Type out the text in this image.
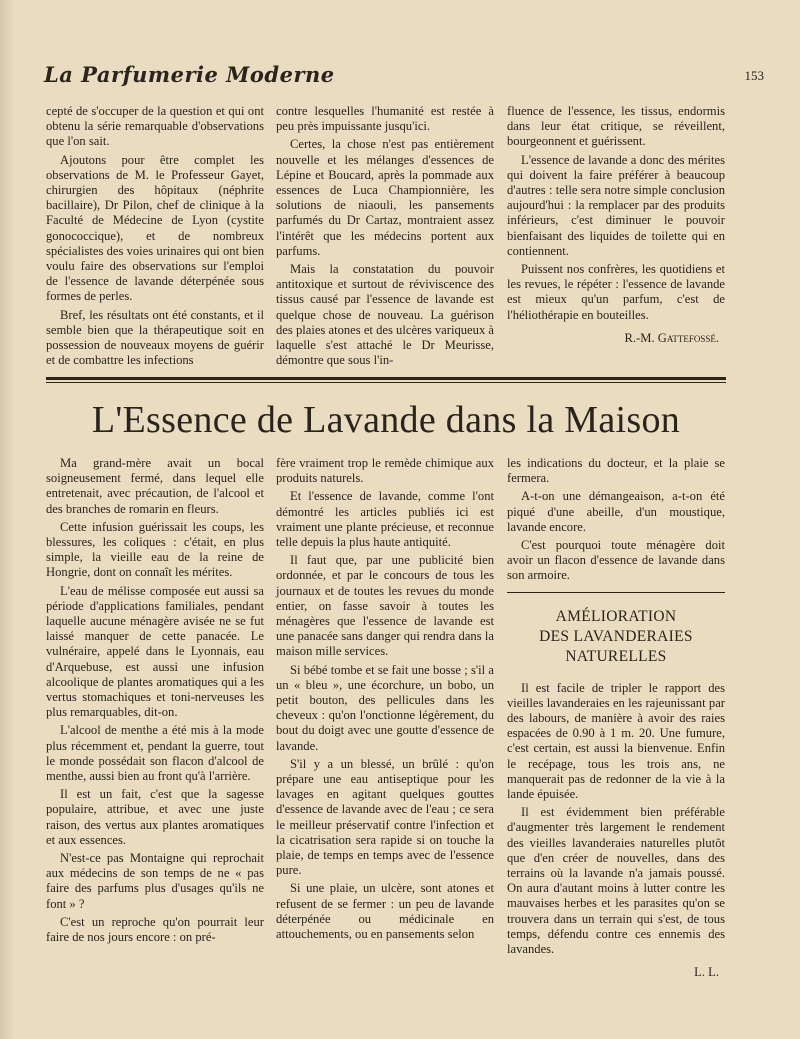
La Parfumerie Moderne	153

cepté de s'occuper de la question et qui ont obtenu la série remarquable d'observations que l'on sait.

Ajoutons pour être complet les observations de M. le Professeur Gayet, chirurgien des hôpitaux (néphrite bacillaire), Dr Pilon, chef de clinique à la Faculté de Médecine de Lyon (cystite gonococcique), et de nombreux spécialistes des voies urinaires qui ont bien voulu faire des observations sur l'emploi de l'essence de lavande déterpénée sous formes de perles.

Bref, les résultats ont été constants, et il semble bien que la thérapeutique soit en possession de nouveaux moyens de guérir et de combattre les infections

contre lesquelles l'humanité est restée à peu près impuissante jusqu'ici.

Certes, la chose n'est pas entièrement nouvelle et les mélanges d'essences de Lépine et Boucard, après la pommade aux essences de Luca Championnière, les solutions de niaouli, les pansements parfumés du Dr Cartaz, montraient assez l'intérêt que les médecins portent aux parfums.

Mais la constatation du pouvoir antitoxique et surtout de réviviscence des tissus causé par l'essence de lavande est quelque chose de nouveau. La guérison des plaies atones et des ulcères variqueux à laquelle s'est attaché le Dr Meurisse, démontre que sous l'in-

fluence de l'essence, les tissus, endormis dans leur état critique, se réveillent, bourgeonnent et guérissent.

L'essence de lavande a donc des mérites qui doivent la faire préférer à beaucoup d'autres : telle sera notre simple conclusion aujourd'hui : la remplacer par des produits inférieurs, c'est diminuer le pouvoir bienfaisant des liquides de toilette qui en contiennent.

Puissent nos confrères, les quotidiens et les revues, le répéter : l'essence de lavande est mieux qu'un parfum, c'est de l'héliothérapie en bouteilles.

R.-M. Gattefossé.
L'Essence de Lavande dans la Maison

Ma grand-mère avait un bocal soigneusement fermé, dans lequel elle entretenait, avec précaution, de l'alcool et des branches de romarin en fleurs.

Cette infusion guérissait les coups, les blessures, les coliques : c'était, en plus simple, la vieille eau de la reine de Hongrie, dont on connaît les mérites.

L'eau de mélisse composée eut aussi sa période d'applications familiales, pendant laquelle aucune ménagère avisée ne se fut laissé manquer de cette panacée. Le vulnéraire, appelé dans le Lyonnais, eau d'Arquebuse, est aussi une infusion alcoolique de plantes aromatiques qui a les vertus stomachiques et toni-nerveuses les plus remarquables, dit-on.

L'alcool de menthe a été mis à la mode plus récemment et, pendant la guerre, tout le monde possédait son flacon d'alcool de menthe, aussi bien au front qu'à l'arrière.

Il est un fait, c'est que la sagesse populaire, attribue, et avec une juste raison, des vertus aux plantes aromatiques et aux essences.

N'est-ce pas Montaigne qui reprochait aux médecins de son temps de ne « pas faire des parfums plus d'usages qu'ils ne font » ?

C'est un reproche qu'on pourrait leur faire de nos jours encore : on pré-

fère vraiment trop le remède chimique aux produits naturels.

Et l'essence de lavande, comme l'ont démontré les articles publiés ici est vraiment une plante précieuse, et reconnue telle depuis la plus haute antiquité.

Il faut que, par une publicité bien ordonnée, et par le concours de tous les journaux et de toutes les revues du monde entier, on fasse savoir à toutes les ménagères que l'essence de lavande est une panacée sans danger qui rendra dans la maison mille services.

Si bébé tombe et se fait une bosse ; s'il a un « bleu », une écorchure, un bobo, un petit bouton, des pellicules dans les cheveux : qu'on l'onctionne légèrement, du bout du doigt avec une goutte d'essence de lavande.

S'il y a un blessé, un brûlé : qu'on prépare une eau antiseptique pour les lavages en agitant quelques gouttes d'essence de lavande avec de l'eau ; ce sera le meilleur préservatif contre l'infection et la cicatrisation sera rapide si on touche la plaie, de temps en temps avec de l'essence pure.

Si une plaie, un ulcère, sont atones et refusent de se fermer : un peu de lavande déterpénée ou médicinale en attouchements, ou en pansements selon

les indications du docteur, et la plaie se fermera.

A-t-on une démangeaison, a-t-on été piqué d'une abeille, d'un moustique, lavande encore.

C'est pourquoi toute ménagère doit avoir un flacon d'essence de lavande dans son armoire.

AMÉLIORATION
DES LAVANDERAIES
NATURELLES

Il est facile de tripler le rapport des vieilles lavanderaies en les rajeunissant par des labours, de manière à avoir des raies espacées de 0.90 à 1 m. 20. Une fumure, c'est certain, est aussi la bienvenue. Enfin le recépage, tous les trois ans, ne manquerait pas de redonner de la vie à la lande épuisée.

Il est évidemment bien préférable d'augmenter très largement le rendement des vieilles lavanderaies naturelles plutôt que d'en créer de nouvelles, dans des terrains où la lavande n'a jamais poussé. On aura d'autant moins à lutter contre les mauvaises herbes et les parasites qu'on se trouvera dans un terrain qui s'est, de tous temps, défendu contre ces ennemis des lavandes.

L. L.
